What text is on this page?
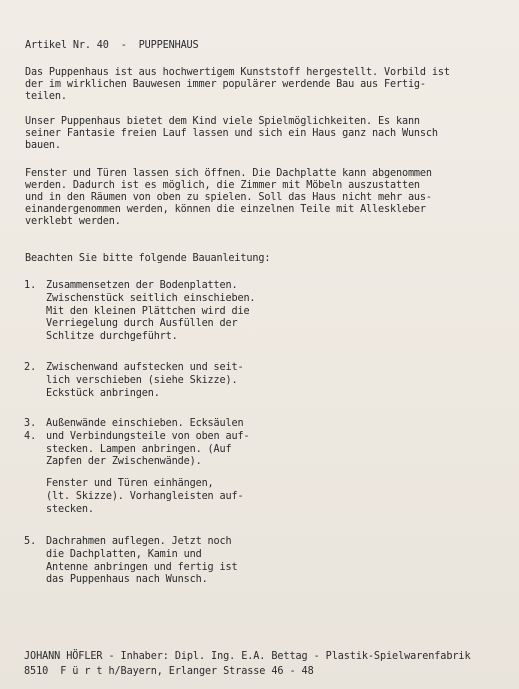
Artikel Nr. 40  -  PUPPENHAUS
Das Puppenhaus ist aus hochwertigem Kunststoff hergestellt. Vorbild ist
der im wirklichen Bauwesen immer populärer werdende Bau aus Fertig-
teilen.
Unser Puppenhaus bietet dem Kind viele Spielmöglichkeiten. Es kann
seiner Fantasie freien Lauf lassen und sich ein Haus ganz nach Wunsch
bauen.
Fenster und Türen lassen sich öffnen. Die Dachplatte kann abgenommen
werden. Dadurch ist es möglich, die Zimmer mit Möbeln auszustatten
und in den Räumen von oben zu spielen. Soll das Haus nicht mehr aus-
einandergenommen werden, können die einzelnen Teile mit Alleskleber
verklebt werden.
Beachten Sie bitte folgende Bauanleitung:
1. Zusammensetzen der Bodenplatten.
Zwischenstück seitlich einschieben.
Mit den kleinen Plättchen wird die
Verriegelung durch Ausfüllen der
Schlitze durchgeführt.
2. Zwischenwand aufstecken und seit-
lich verschieben (siehe Skizze).
Eckstück anbringen.
3.
4.
Außenwände einschieben. Ecksäulen
und Verbindungsteile von oben auf-
stecken. Lampen anbringen. (Auf
Zapfen der Zwischenwände).
Fenster und Türen einhängen,
(lt. Skizze). Vorhangleisten auf-
stecken.
5. Dachrahmen auflegen. Jetzt noch
die Dachplatten, Kamin und
Antenne anbringen und fertig ist
das Puppenhaus nach Wunsch.
JOHANN HÖFLER - Inhaber: Dipl. Ing. E.A. Bettag - Plastik-Spielwarenfabrik
8510  F ü r t h/Bayern, Erlanger Strasse 46 - 48
